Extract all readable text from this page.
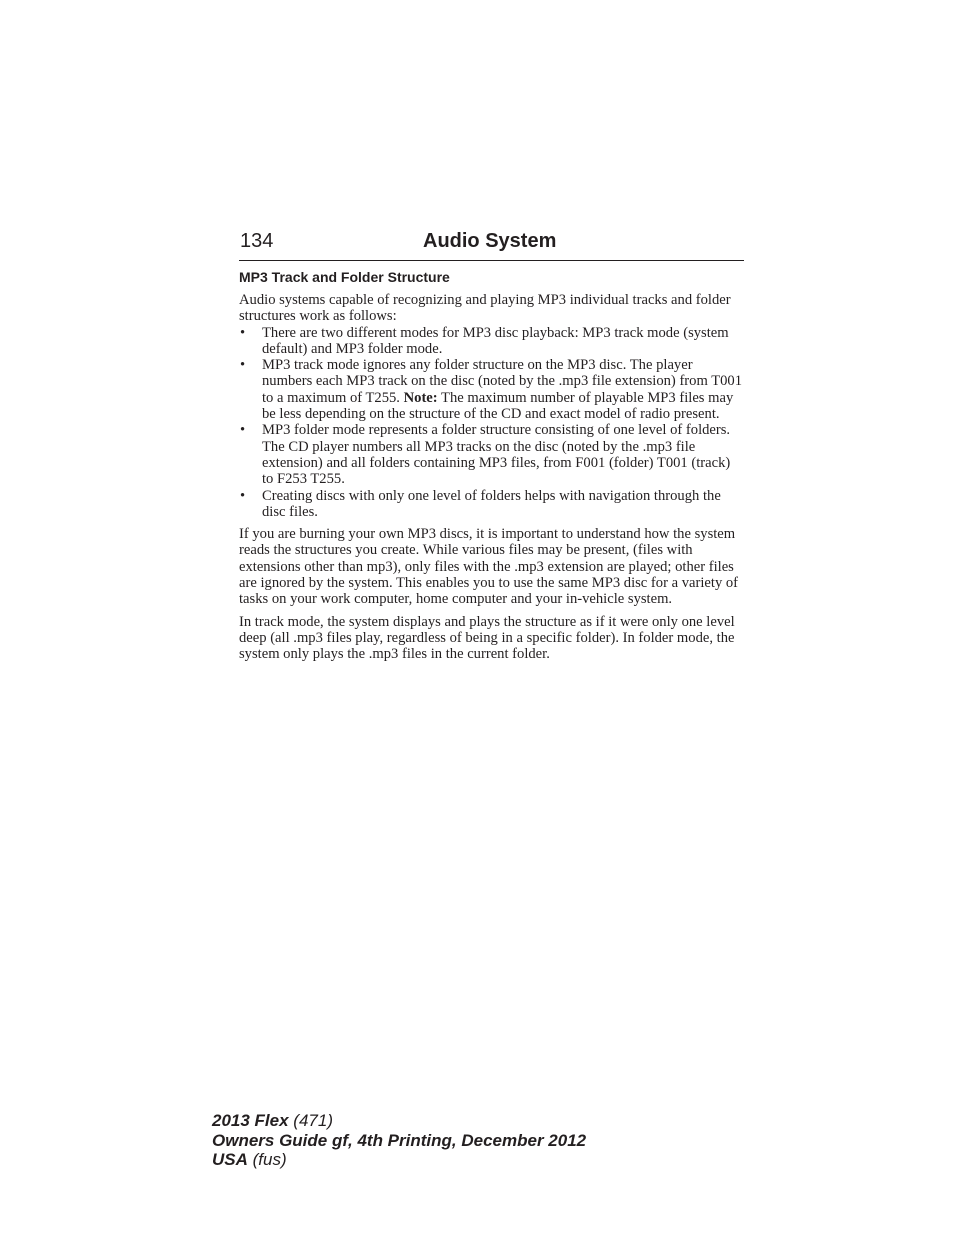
134	Audio System
MP3 Track and Folder Structure

Audio systems capable of recognizing and playing MP3 individual tracks and folder structures work as follows:

• There are two different modes for MP3 disc playback: MP3 track mode (system default) and MP3 folder mode.
• MP3 track mode ignores any folder structure on the MP3 disc. The player numbers each MP3 track on the disc (noted by the .mp3 file extension) from T001 to a maximum of T255. Note: The maximum number of playable MP3 files may be less depending on the structure of the CD and exact model of radio present.
• MP3 folder mode represents a folder structure consisting of one level of folders. The CD player numbers all MP3 tracks on the disc (noted by the .mp3 file extension) and all folders containing MP3 files, from F001 (folder) T001 (track) to F253 T255.
• Creating discs with only one level of folders helps with navigation through the disc files.

If you are burning your own MP3 discs, it is important to understand how the system reads the structures you create. While various files may be present, (files with extensions other than mp3), only files with the .mp3 extension are played; other files are ignored by the system. This enables you to use the same MP3 disc for a variety of tasks on your work computer, home computer and your in-vehicle system.

In track mode, the system displays and plays the structure as if it were only one level deep (all .mp3 files play, regardless of being in a specific folder). In folder mode, the system only plays the .mp3 files in the current folder.

2013 Flex (471)
Owners Guide gf, 4th Printing, December 2012
USA (fus)
